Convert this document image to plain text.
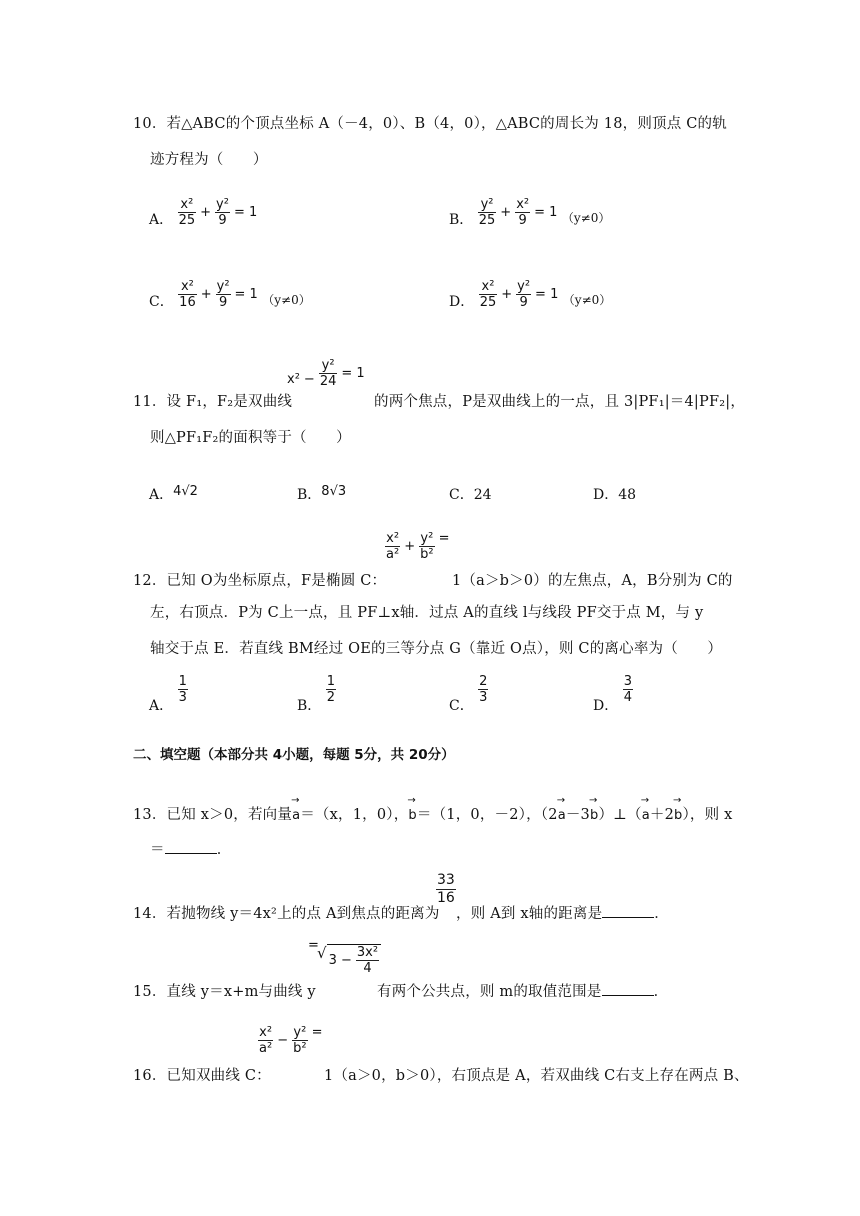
10．若△ABC的个顶点坐标 A（－4，0）、B（4，0），△ABC的周长为 18，则顶点 C的轨
迹方程为（　　）
A． $\frac{\text{x²}}{25} + \frac{\text{y²}}{9} = 1$	B． $\frac{\text{y²}}{25} + \frac{\text{x²}}{9} = 1$ （y≠0）
C． $\frac{\text{x²}}{16} + \frac{\text{y²}}{9} = 1$ （y≠0）	D． $\frac{\text{x²}}{25} + \frac{\text{y²}}{9} = 1$ （y≠0）
11．设 F₁，F₂是双曲线
$x^2 - \frac{\text{y²}}{24} = 1$
的两个焦点，P是双曲线上的一点，且 3|PF₁|＝4|PF₂|，
则△PF₁F₂的面积等于（　　）
A．4√2	B．8√3	C．24	D．48
$\frac{\text{x²}}{\text{a²}} + \frac{\text{y²}}{\text{b²}}$ =
12．已知 O为坐标原点，F是椭圆 C：	1（a＞b＞0）的左焦点，A，B分别为 C的
左，右顶点．P为 C上一点，且 PF⊥x轴．过点 A的直线 l与线段 PF交于点 M，与 y
轴交于点 E．若直线 BM经过 OE的三等分点 G（靠近 O点），则 C的离心率为（　　）
A．
$\frac{1}{3}$
B．
$\frac{1}{2}$
C．
$\frac{2}{3}$
D．
$\frac{3}{4}$
二、填空题（本部分共 4小题，每题 5分，共 20分）
13．已知 x＞0，若向量→ a＝（x，1，0），→ b＝（1，0，－2），（2→ a－3→ b）⊥（→ a＋2→ b），则 x
＝	．
$\frac{33}{16}$
14．若抛物线 y＝4x²上的点 A到焦点的距离为 ，则 A到 x轴的距离是	．
=
15．直线 y＝x+m与曲线 y
√ $3 - \frac{\text{3x²}}{4}$
有两个公共点，则 m的取值范围是	．
$\frac{\text{x²}}{\text{a²}} - \frac{\text{y²}}{\text{b²}}$ =
16．已知双曲线 C：	1（a＞0，b＞0），右顶点是 A，若双曲线 C右支上存在两点 B、
